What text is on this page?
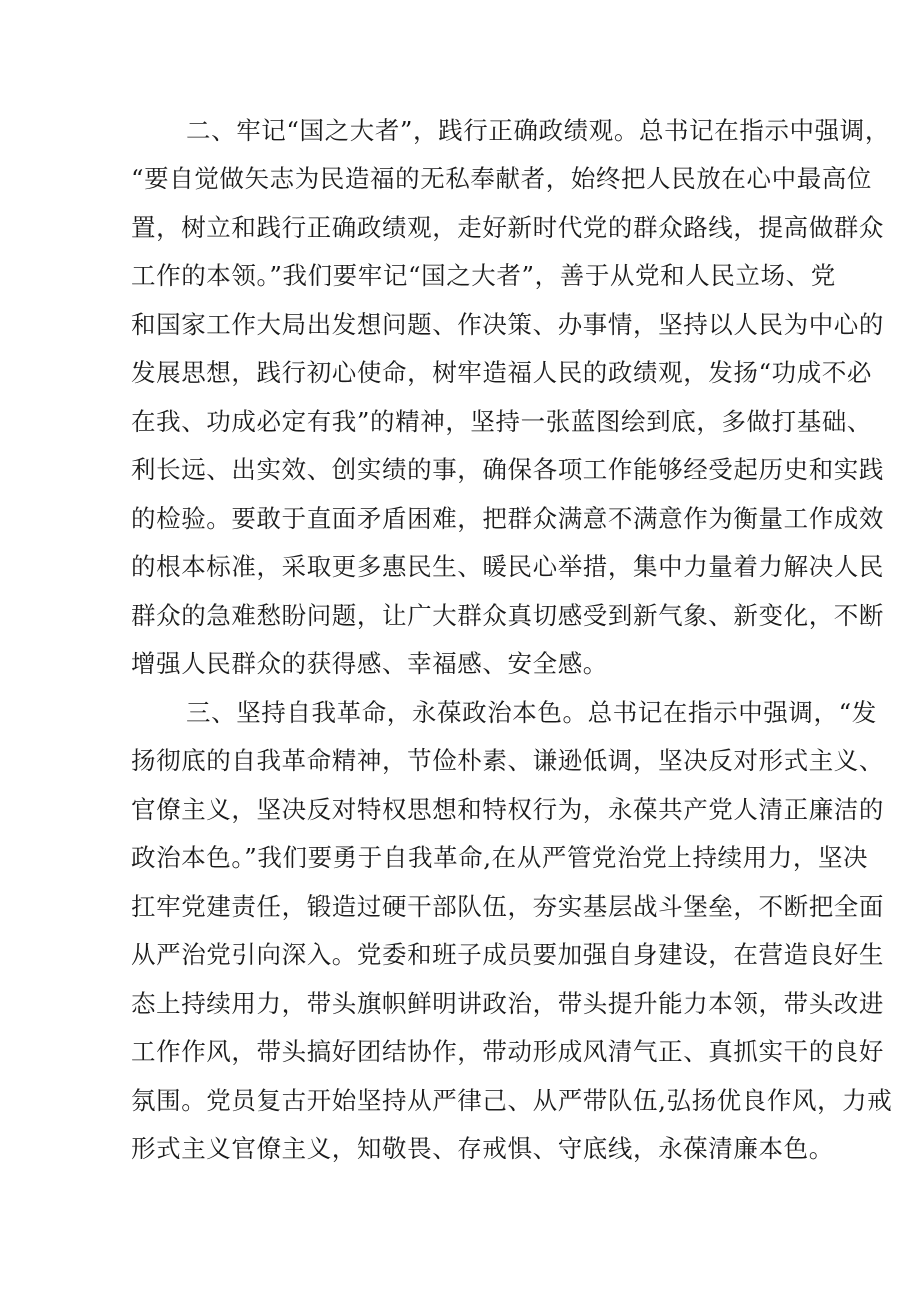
二、牢记“国之大者”，践行正确政绩观。总书记在指示中强调，
“要自觉做矢志为民造福的无私奉献者，始终把人民放在心中最高位
置，树立和践行正确政绩观，走好新时代党的群众路线，提高做群众
工作的本领。”我们要牢记“国之大者”，善于从党和人民立场、党
和国家工作大局出发想问题、作决策、办事情，坚持以人民为中心的
发展思想，践行初心使命，树牢造福人民的政绩观，发扬“功成不必
在我、功成必定有我”的精神，坚持一张蓝图绘到底，多做打基础、
利长远、出实效、创实绩的事，确保各项工作能够经受起历史和实践
的检验。要敢于直面矛盾困难，把群众满意不满意作为衡量工作成效
的根本标准，采取更多惠民生、暖民心举措，集中力量着力解决人民
群众的急难愁盼问题，让广大群众真切感受到新气象、新变化，不断
增强人民群众的获得感、幸福感、安全感。
三、坚持自我革命，永葆政治本色。总书记在指示中强调，“发
扬彻底的自我革命精神，节俭朴素、谦逊低调，坚决反对形式主义、
官僚主义，坚决反对特权思想和特权行为，永葆共产党人清正廉洁的
政治本色。”我们要勇于自我革命,在从严管党治党上持续用力，坚决
扛牢党建责任，锻造过硬干部队伍，夯实基层战斗堡垒，不断把全面
从严治党引向深入。党委和班子成员要加强自身建设，在营造良好生
态上持续用力，带头旗帜鲜明讲政治，带头提升能力本领，带头改进
工作作风，带头搞好团结协作，带动形成风清气正、真抓实干的良好
氛围。党员复古开始坚持从严律己、从严带队伍,弘扬优良作风，力戒
形式主义官僚主义，知敬畏、存戒惧、守底线，永葆清廉本色。
